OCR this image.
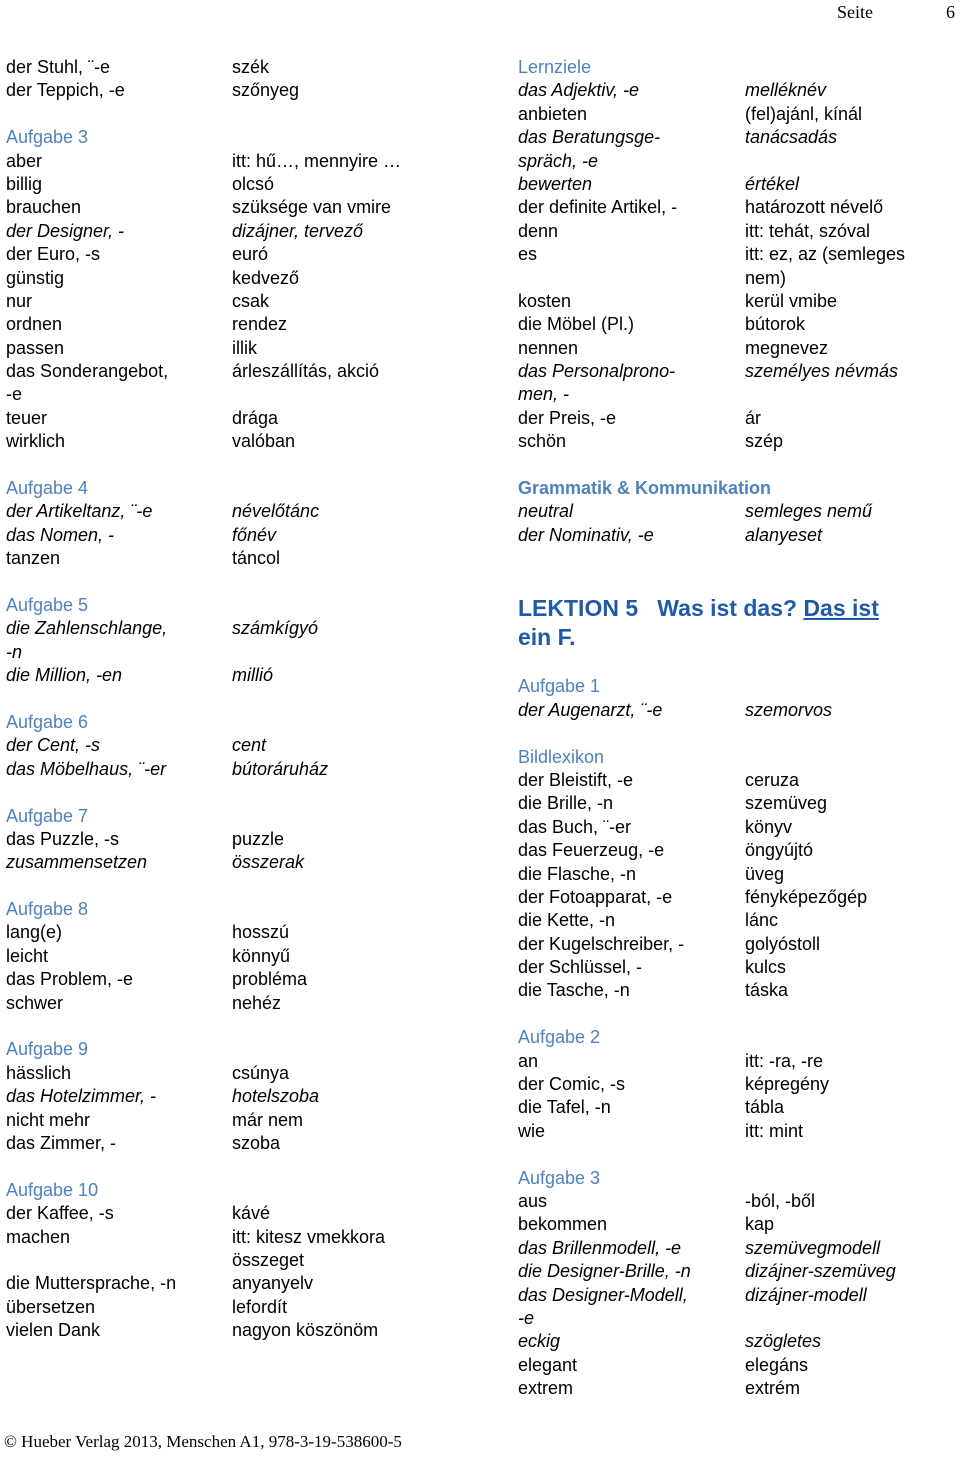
Seite	6
der Stuhl, ¨-e	szék
der Teppich, -e	szőnyeg
Aufgabe 3
aber	itt: hű…, mennyire …
billig	olcsó
brauchen	szüksége van vmire
der Designer, -	dizájner, tervező
der Euro, -s	euró
günstig	kedvező
nur	csak
ordnen	rendez
passen	illik
das Sonderangebot,	árleszállítás, akció
-e
teuer	drága
wirklich	valóban
Aufgabe 4
der Artikeltanz, ¨-e	névelőtánc
das Nomen, -	főnév
tanzen	táncol
Aufgabe 5
die Zahlenschlange,	számkígyó
-n
die Million, -en	millió
Aufgabe 6
der Cent, -s	cent
das Möbelhaus, ¨-er	bútoráruház
Aufgabe 7
das Puzzle, -s	puzzle
zusammensetzen	összerak
Aufgabe 8
lang(e)	hosszú
leicht	könnyű
das Problem, -e	probléma
schwer	nehéz
Aufgabe 9
hässlich	csúnya
das Hotelzimmer, -	hotelszoba
nicht mehr	már nem
das Zimmer, -	szoba
Aufgabe 10
der Kaffee, -s	kávé
machen	itt: kitesz vmekkora
összeget
die Muttersprache, -n	anyanyelv
übersetzen	lefordít
vielen Dank	nagyon köszönöm
Lernziele
das Adjektiv, -e	melléknév
anbieten	(fel)ajánl, kínál
das Beratungsge-	tanácsadás
spräch, -e
bewerten	értékel
der definite Artikel, -	határozott névelő
denn	itt: tehát, szóval
es	itt: ez, az (semleges
nem)
kosten	kerül vmibe
die Möbel (Pl.)	bútorok
nennen	megnevez
das Personalprono-	személyes névmás
men, -
der Preis, -e	ár
schön	szép
Grammatik & Kommunikation
neutral	semleges nemű
der Nominativ, -e	alanyeset
LEKTION 5 Was ist das? Das ist
ein F.
Aufgabe 1
der Augenarzt, ¨-e	szemorvos
Bildlexikon
der Bleistift, -e	ceruza
die Brille, -n	szemüveg
das Buch, ¨-er	könyv
das Feuerzeug, -e	öngyújtó
die Flasche, -n	üveg
der Fotoapparat, -e	fényképezőgép
die Kette, -n	lánc
der Kugelschreiber, -	golyóstoll
der Schlüssel, -	kulcs
die Tasche, -n	táska
Aufgabe 2
an	itt: -ra, -re
der Comic, -s	képregény
die Tafel, -n	tábla
wie	itt: mint
Aufgabe 3
aus	-ból, -ből
bekommen	kap
das Brillenmodell, -e	szemüvegmodell
die Designer-Brille, -n	dizájner-szemüveg
das Designer-Modell,	dizájner-modell
-e
eckig	szögletes
elegant	elegáns
extrem	extrém
© Hueber Verlag 2013, Menschen A1, 978-3-19-538600-5
